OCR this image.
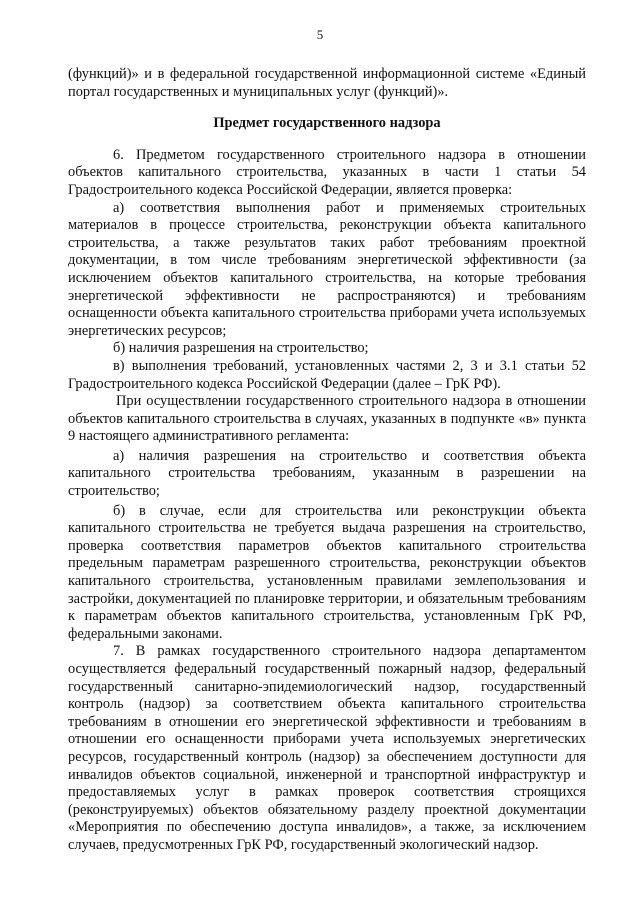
5

(функций)» и в федеральной государственной информационной системе «Единый портал государственных и муниципальных услуг (функций)».

Предмет государственного надзора

6. Предметом государственного строительного надзора в отношении объектов капитального строительства, указанных в части 1 статьи 54 Градостроительного кодекса Российской Федерации, является проверка:

а) соответствия выполнения работ и применяемых строительных материалов в процессе строительства, реконструкции объекта капитального строительства, а также результатов таких работ требованиям проектной документации, в том числе требованиям энергетической эффективности (за исключением объектов капитального строительства, на которые требования энергетической эффективности не распространяются) и требованиям оснащенности объекта капитального строительства приборами учета используемых энергетических ресурсов;

б) наличия разрешения на строительство;

в) выполнения требований, установленных частями 2, 3 и 3.1 статьи 52 Градостроительного кодекса Российской Федерации (далее – ГрК РФ).

При осуществлении государственного строительного надзора в отношении объектов капитального строительства в случаях, указанных в подпункте «в» пункта 9 настоящего административного регламента:

а) наличия разрешения на строительство и соответствия объекта капитального строительства требованиям, указанным в разрешении на строительство;

б) в случае, если для строительства или реконструкции объекта капитального строительства не требуется выдача разрешения на строительство, проверка соответствия параметров объектов капитального строительства предельным параметрам разрешенного строительства, реконструкции объектов капитального строительства, установленным правилами землепользования и застройки, документацией по планировке территории, и обязательным требованиям к параметрам объектов капитального строительства, установленным ГрК РФ, федеральными законами.

7. В рамках государственного строительного надзора департаментом осуществляется федеральный государственный пожарный надзор, федеральный государственный санитарно-эпидемиологический надзор, государственный контроль (надзор) за соответствием объекта капитального строительства требованиям в отношении его энергетической эффективности и требованиям в отношении его оснащенности приборами учета используемых энергетических ресурсов, государственный контроль (надзор) за обеспечением доступности для инвалидов объектов социальной, инженерной и транспортной инфраструктур и предоставляемых услуг в рамках проверок соответствия строящихся (реконструируемых) объектов обязательному разделу проектной документации «Мероприятия по обеспечению доступа инвалидов», а также, за исключением случаев, предусмотренных ГрК РФ, государственный экологический надзор.
